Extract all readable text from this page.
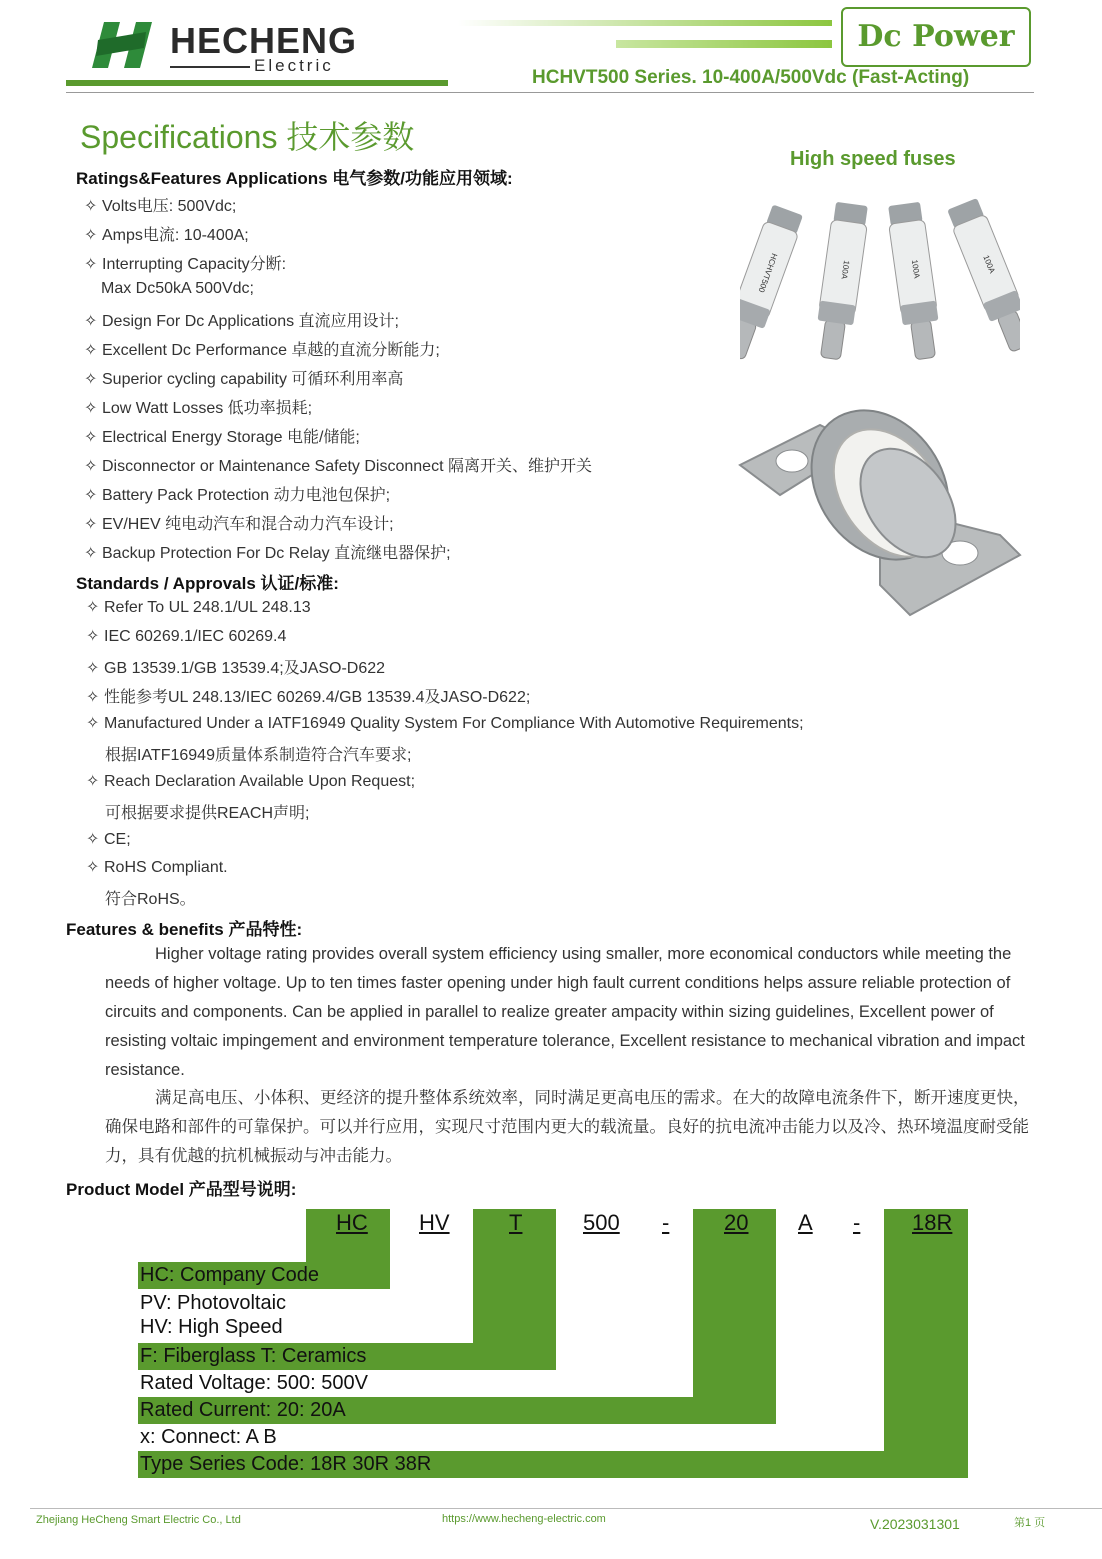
HECHENG
Electric
Dc Power
HCHVT500 Series. 10-400A/500Vdc (Fast-Acting)
Specifications 技术参数
High speed fuses
Ratings&Features Applications 电气参数/功能应用领域:
✧ Volts电压: 500Vdc;
✧ Amps电流: 10-400A;
✧ Interrupting Capacity分断:
Max Dc50kA 500Vdc;
✧ Design For Dc Applications 直流应用设计;
✧ Excellent Dc Performance 卓越的直流分断能力;
✧ Superior cycling capability 可循环利用率高
✧ Low Watt Losses 低功率损耗;
✧ Electrical Energy Storage 电能/储能;
✧ Disconnector or Maintenance Safety Disconnect 隔离开关、维护开关
✧ Battery Pack Protection 动力电池包保护;
✧ EV/HEV 纯电动汽车和混合动力汽车设计;
✧ Backup Protection For Dc Relay 直流继电器保护;
Standards / Approvals 认证/标准:
✧ Refer To UL 248.1/UL 248.13
✧ IEC 60269.1/IEC 60269.4
✧ GB 13539.1/GB 13539.4;及JASO-D622
✧ 性能参考UL 248.13/IEC 60269.4/GB 13539.4及JASO-D622;
✧ Manufactured Under a IATF16949 Quality System For Compliance With Automotive Requirements;
根据IATF16949质量体系制造符合汽车要求;
✧ Reach Declaration Available Upon Request;
可根据要求提供REACH声明;
✧ CE;
✧ RoHS Compliant.
符合RoHS。
HCHVT500	100A	100A	100A
Features & benefits 产品特性:
Higher voltage rating provides overall system efficiency using smaller, more economical conductors while meeting the needs of higher voltage. Up to ten times faster opening under high fault current conditions helps assure reliable protection of circuits and components. Can be applied in parallel to realize greater ampacity within sizing guidelines, Excellent power of resisting voltaic impingement and environment temperature tolerance, Excellent resistance to mechanical vibration and impact resistance.
满足高电压、小体积、更经济的提升整体系统效率，同时满足更高电压的需求。在大的故障电流条件下，断开速度更快，确保电路和部件的可靠保护。可以并行应用，实现尺寸范围内更大的载流量。良好的抗电流冲击能力以及冷、热环境温度耐受能力，具有优越的抗机械振动与冲击能力。
Product Model 产品型号说明:
HC HV	T	500 - 20 A - 18R
HC: Company Code
PV: Photovoltaic
HV: High Speed
F: Fiberglass T: Ceramics
Rated Voltage: 500: 500V
Rated Current: 20: 20A
x: Connect: A B
Type Series Code: 18R 30R 38R
Zhejiang HeCheng Smart Electric Co., Ltd	https://www.hecheng-electric.com	V.2023031301	第1 页
